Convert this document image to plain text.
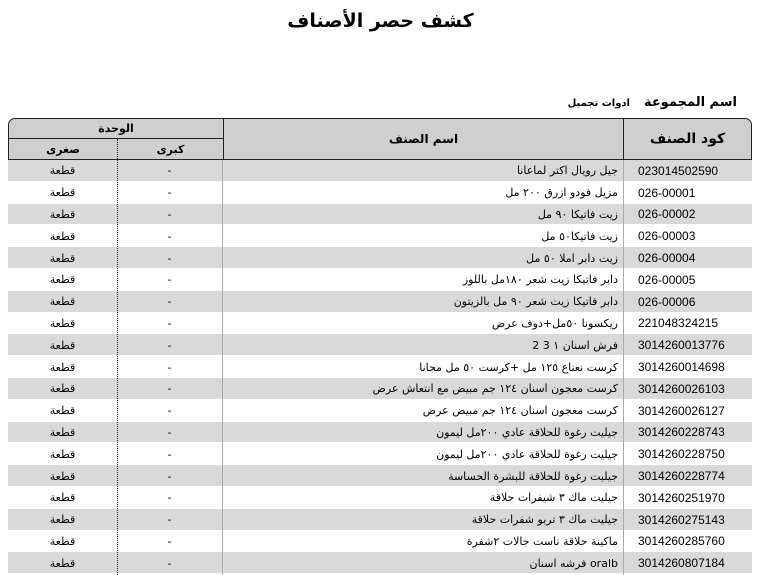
كشف حصر الأصناف
اسم المجموعة
ادوات تجميل
كود الصنف
اسم الصنف
الوحدة
كبرى
صغرى
023014502590
جيل رويال اكتر لماعانا
-
قطعة
026-00001
مزيل فودو ازرق ٢٠٠ مل
-
قطعة
026-00002
زيت فاتيكا ٩٠ مل
-
قطعة
026-00003
زيت فاتيكا٥٠ مل
-
قطعة
026-00004
زيت دابر املا ٥٠ مل
-
قطعة
026-00005
دابر فاتيكا زيت شعر ١٨٠مل باللوز
-
قطعة
026-00006
دابر فاتيكا زيت شعر ٩٠ مل بالزيتون
-
قطعة
221048324215
ريكسونا ٥٠مل+دوف عرض
-
قطعة
3014260013776
فرش اسنان ١ 3 2
-
قطعة
3014260014698
كرست نعناع ١٢٥ مل +كرست ٥٠ مل مجانا
-
قطعة
3014260026103
كرست معجون اسنان ١٢٤ جم مبيض مع انتعاش عرض
-
قطعة
3014260026127
كرست معجون اسنان ١٢٤ جم مبيض عرض
-
قطعة
3014260228743
جيليت رغوة للحلاقة عادي ٢٠٠مل ليمون
-
قطعة
3014260228750
جيليت رغوة للحلاقة عادي ٢٠٠مل ليمون
-
قطعة
3014260228774
جيليت رغوة للحلاقة للبشرة الحساسة
-
قطعة
3014260251970
جيليت ماك ٣ شيفرات حلاقة
-
قطعة
3014260275143
جيليت ماك ٣ تربو شفرات حلاقة
-
قطعة
3014260285760
ماكينة حلاقة ناست جالات ٢شفرة
-
قطعة
3014260807184
oralb فرشه اسنان
-
قطعة
